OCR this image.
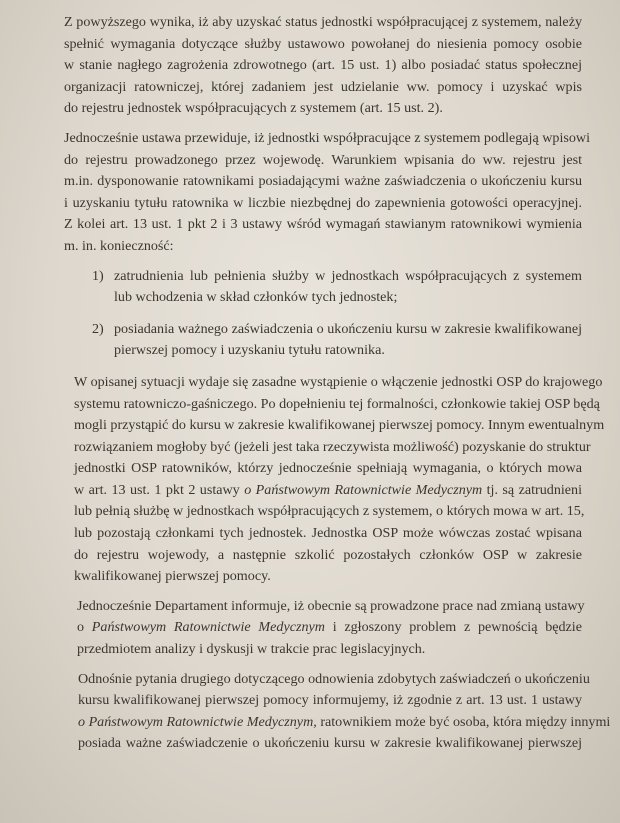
Z powyższego wynika, iż aby uzyskać status jednostki współpracującej z systemem, należy
spełnić wymagania dotyczące służby ustawowo powołanej do niesienia pomocy osobie
w stanie nagłego zagrożenia zdrowotnego (art. 15 ust. 1) albo posiadać status społecznej
organizacji ratowniczej, której zadaniem jest udzielanie ww. pomocy i uzyskać wpis
do rejestru jednostek współpracujących z systemem (art. 15 ust. 2).

Jednocześnie ustawa przewiduje, iż jednostki współpracujące z systemem podlegają wpisowi
do rejestru prowadzonego przez wojewodę. Warunkiem wpisania do ww. rejestru jest
m.in. dysponowanie ratownikami posiadającymi ważne zaświadczenia o ukończeniu kursu
i uzyskaniu tytułu ratownika w liczbie niezbędnej do zapewnienia gotowości operacyjnej.
Z kolei art. 13 ust. 1 pkt 2 i 3 ustawy wśród wymagań stawianym ratownikowi wymienia
m. in. konieczność:

1) zatrudnienia lub pełnienia służby w jednostkach współpracujących z systemem
lub wchodzenia w skład członków tych jednostek;
2) posiadania ważnego zaświadczenia o ukończeniu kursu w zakresie kwalifikowanej
pierwszej pomocy i uzyskaniu tytułu ratownika.

W opisanej sytuacji wydaje się zasadne wystąpienie o włączenie jednostki OSP do krajowego
systemu ratowniczo-gaśniczego. Po dopełnieniu tej formalności, członkowie takiej OSP będą
mogli przystąpić do kursu w zakresie kwalifikowanej pierwszej pomocy. Innym ewentualnym
rozwiązaniem mogłoby być (jeżeli jest taka rzeczywista możliwość) pozyskanie do struktur
jednostki OSP ratowników, którzy jednocześnie spełniają wymagania, o których mowa
w art. 13 ust. 1 pkt 2 ustawy o Państwowym Ratownictwie Medycznym tj. są zatrudnieni
lub pełnią służbę w jednostkach współpracujących z systemem, o których mowa w art. 15,
lub pozostają członkami tych jednostek. Jednostka OSP może wówczas zostać wpisana
do rejestru wojewody, a następnie szkolić pozostałych członków OSP w zakresie
kwalifikowanej pierwszej pomocy.

Jednocześnie Departament informuje, iż obecnie są prowadzone prace nad zmianą ustawy
o Państwowym Ratownictwie Medycznym i zgłoszony problem z pewnością będzie
przedmiotem analizy i dyskusji w trakcie prac legislacyjnych.

Odnośnie pytania drugiego dotyczącego odnowienia zdobytych zaświadczeń o ukończeniu
kursu kwalifikowanej pierwszej pomocy informujemy, iż zgodnie z art. 13 ust. 1 ustawy
o Państwowym Ratownictwie Medycznym, ratownikiem może być osoba, która między innymi
posiada ważne zaświadczenie o ukończeniu kursu w zakresie kwalifikowanej pierwszej
